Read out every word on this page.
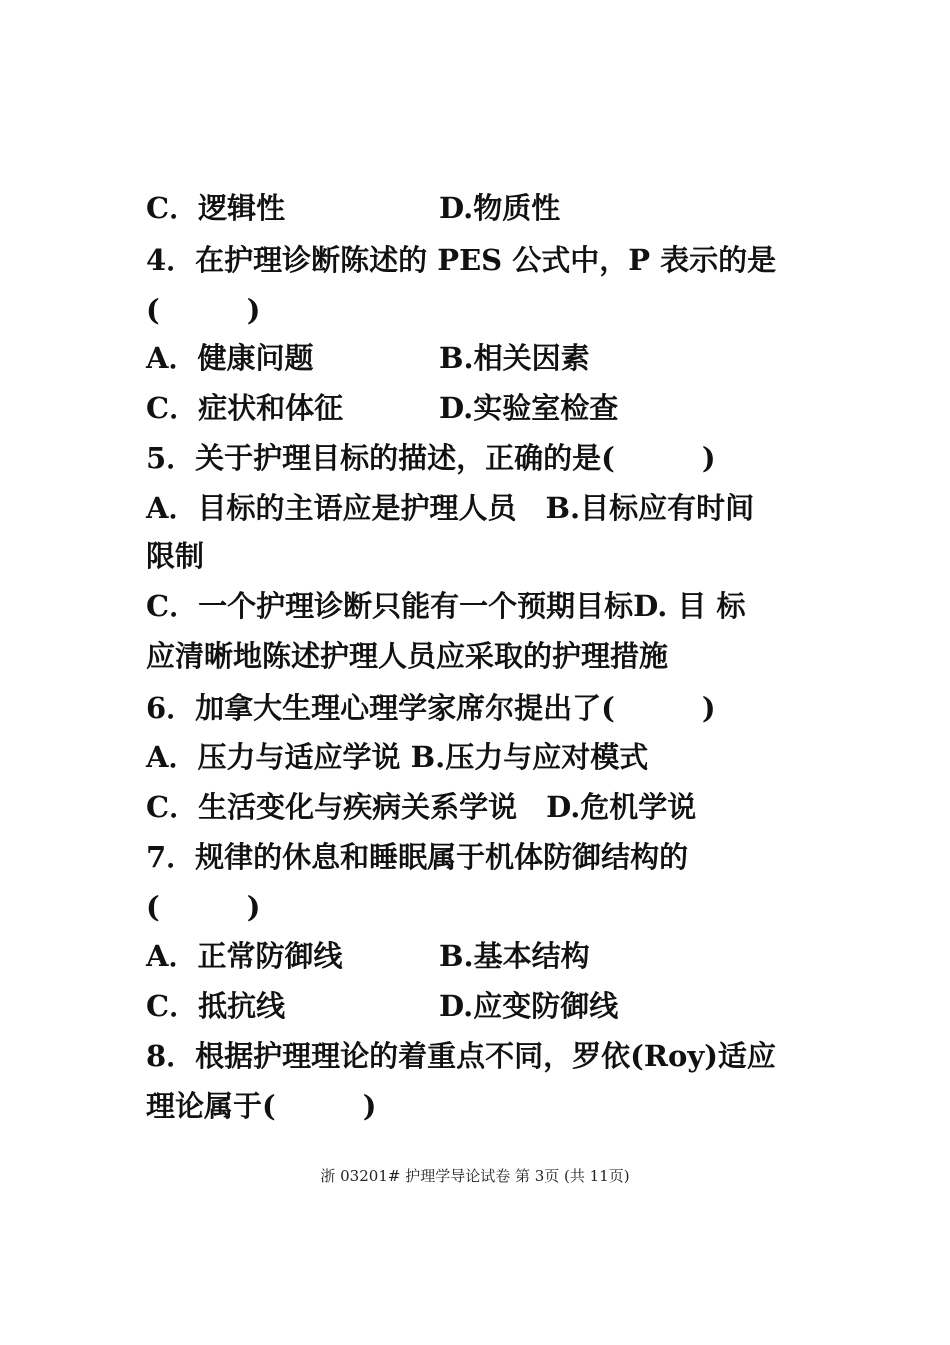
C．逻辑性	D.物质性
4．在护理诊断陈述的 PES 公式中，P 表示的是
(　　　)
A．健康问题	B.相关因素
C．症状和体征	D.实验室检查
5．关于护理目标的描述，正确的是(　　　)
A．目标的主语应是护理人员　B.目标应有时间
限制
C．一个护理诊断只能有一个预期目标D. 目 标
应清晰地陈述护理人员应采取的护理措施
6．加拿大生理心理学家席尔提出了(　　　)
A．压力与适应学说 B.压力与应对模式
C．生活变化与疾病关系学说　D.危机学说
7．规律的休息和睡眠属于机体防御结构的
(　　　)
A．正常防御线	B.基本结构
C．抵抗线	D.应变防御线
8．根据护理理论的着重点不同，罗依(Roy)适应
理论属于(　　　)
浙 03201# 护理学导论试卷 第 3页 (共 11页)
